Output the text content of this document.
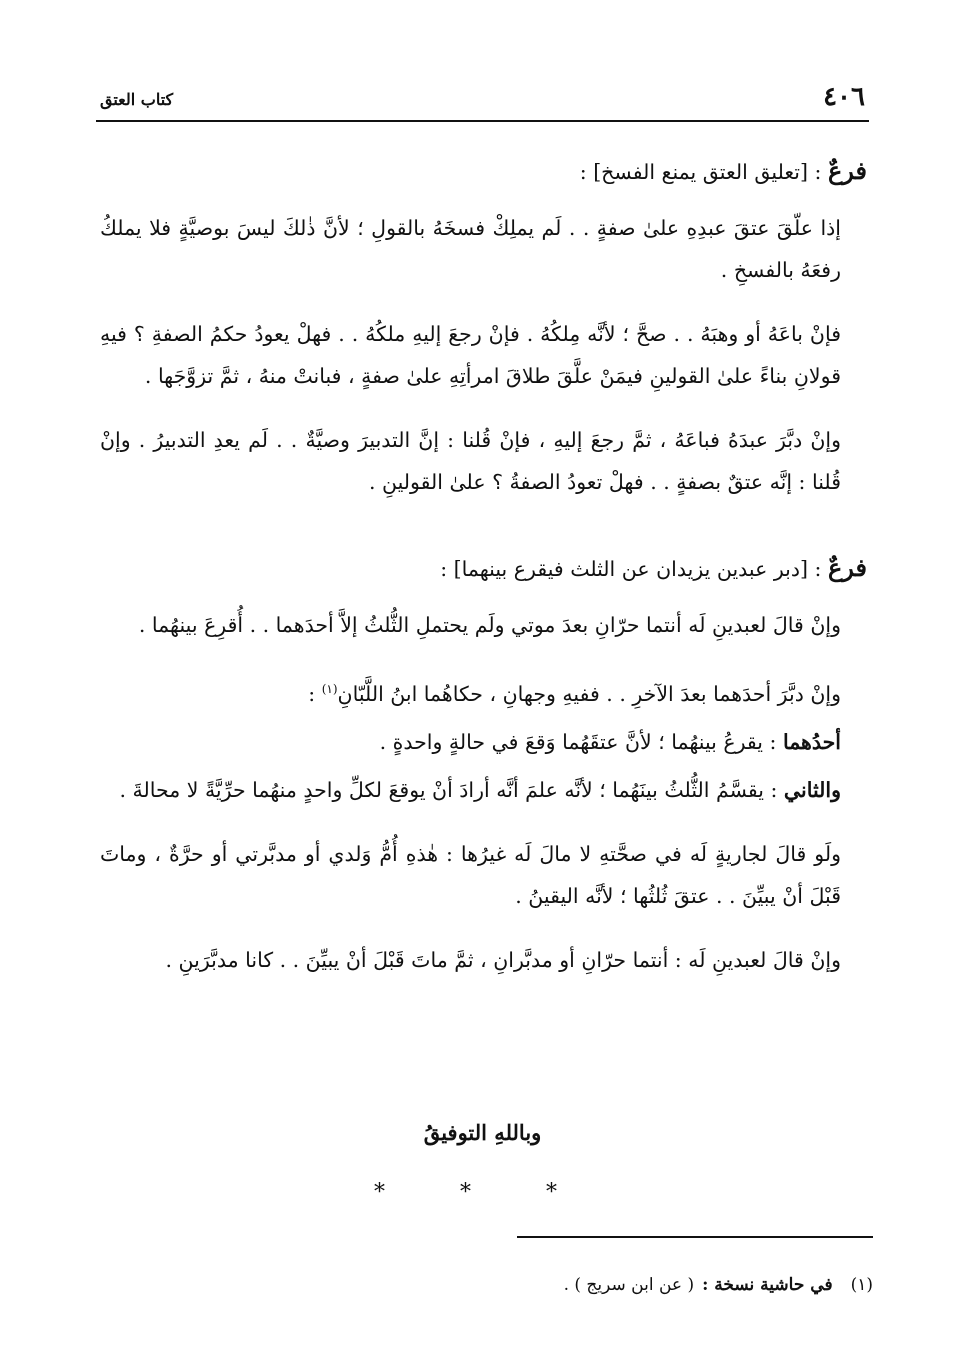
٤٠٦
كتاب العتق

فرعٌ : [تعليق العتق يمنع الفسخ] :

إذا علّقَ عتقَ عبدِهِ علىٰ صفةٍ . . لَم يملِكْ فسخَهُ بالقولِ ؛ لأنَّ ذٰلكَ ليسَ بوصيَّةٍ فلا يملكُ رفعَهُ بالفسخِ .

فإنْ باعَهُ أو وهبَهُ . . صحَّ ؛ لأنَّه مِلكُهُ . فإنْ رجعَ إليهِ ملكُهُ . . فهلْ يعودُ حكمُ الصفةِ ؟ فيهِ قولانِ بناءً علىٰ القولينِ فيمَنْ علَّقَ طلاقَ امرأتِهِ علىٰ صفةٍ ، فبانتْ منهُ ، ثمَّ تزوَّجَها .

وإنْ دبَّرَ عبدَهُ فباعَهُ ، ثمَّ رجعَ إليهِ ، فإنْ قُلنا : إنَّ التدبيرَ وصيَّةٌ . . لَم يعدِ التدبيرُ . وإنْ قُلنا : إنَّه عتقٌ بصفةٍ . . فهلْ تعودُ الصفةُ ؟ علىٰ القولينِ .

فرعٌ : [دبر عبدين يزيدان عن الثلث فيقرع بينهما] :

وإنْ قالَ لعبدينِ لَه أنتما حرّانِ بعدَ موتي ولَم يحتملِ الثُّلثُ إلاَّ أحدَهما . . أُقرِعَ بينهُما .

وإنْ دبَّرَ أحدَهما بعدَ الآخرِ . . ففيهِ وجهانِ ، حكاهُما ابنُ اللَّبّانِ$^{(١)}$ :

أحدُهما : يقرعُ بينهُما ؛ لأنَّ عتقَهُما وَقعَ في حالةٍ واحدةٍ .

والثاني : يقسَّمُ الثُّلثُ بينَهُما ؛ لأنَّه علمَ أنَّه أرادَ أنْ يوقعَ لكلِّ واحدٍ منهُما حرِّيَّةً لا محالةَ .

ولَو قالَ لجاريةٍ لَه في صحَّتهِ لا مالَ لَه غيرُها : هٰذهِ أُمُّ وَلدي أو مدبَّرتي أو حرَّةٌ ، وماتَ قَبْلَ أنْ يبيِّنَ . . عتقَ ثُلثُها ؛ لأنَّه اليقينُ .

وإنْ قالَ لعبدينِ لَه : أنتما حرّانِ أو مدبَّرانِ ، ثمَّ ماتَ قَبْلَ أنْ يبيِّنَ . . كانا مدبَّرَينِ .

وباللهِ التوفيقُ
* * *
(١)في حاشية نسخة :( عن ابن سريج ) .
